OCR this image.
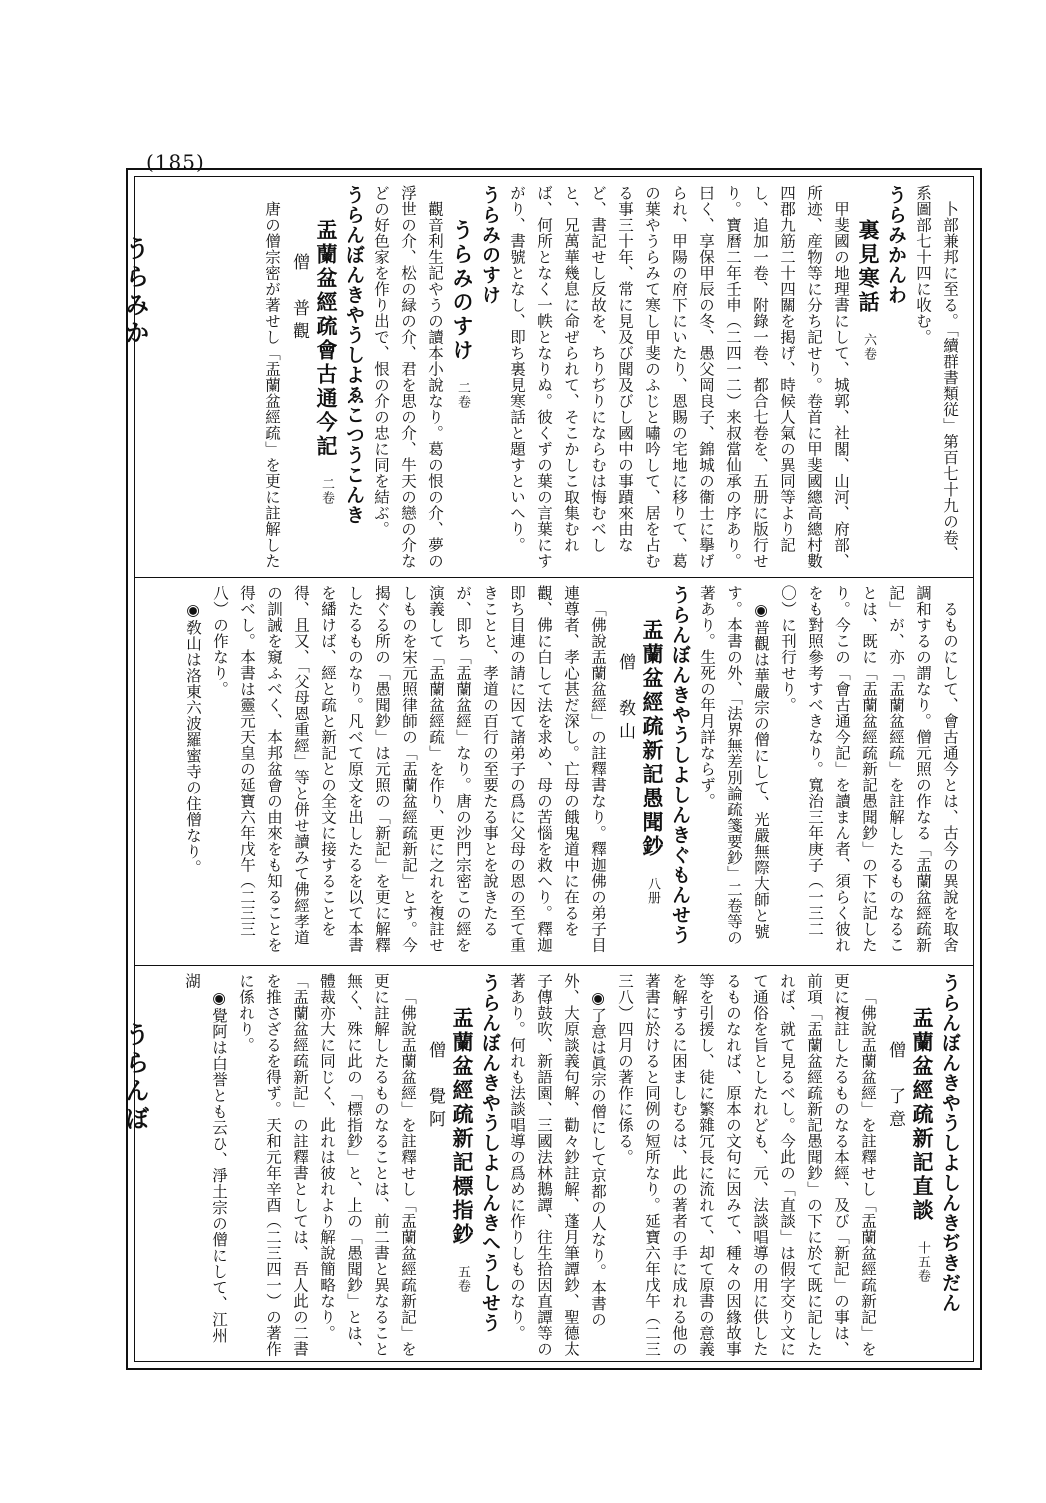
(185)
うらみか
うらんぼ

卜部兼邦に至る。「續群書類従」第百七十九の卷、系圖部七十四に收む。

うらみかんわ

裏見寒話六卷

甲斐國の地理書にして、城郭、社閣、山河、府部、所迹、産物等に分ち記せり。卷首に甲斐國總高總村數四郡九筋二十四關を掲げ、時候人氣の異同等より記し、追加一卷、附錄一卷、都合七卷を、五册に版行せり。寶曆二年壬申（二四一二）来叔當仙承の序あり。曰く、享保甲辰の冬、愚父岡良子、錦城の衞士に擧げられ、甲陽の府下にいたり、恩賜の宅地に移りて、葛の葉やうらみて寒し甲斐のふじと嘯吟して、居を占むる事三十年、常に見及び聞及びし國中の事蹟來由など、書記せし反故を、ちりぢりにならむは悔むべしと、兄萬華幾息に命ぜられて、そこかしこ取集むれば、何所となく一帙となりぬ。彼くずの葉の言葉にすがり、書號となし、即ち裏見寒話と題すといへり。

うらみのすけ

うらみのすけ二卷

觀音利生記やうの讀本小說なり。葛の恨の介、夢の浮世の介、松の緑の介、君を思の介、牛天の戀の介などの好色家を作り出で、恨の介の忠に同を結ぶ。

うらんぼんきやうしよゑこつうこんき

盂蘭盆經疏會古通今記二卷

僧　普觀

唐の僧宗密が著せし「盂蘭盆經疏」を更に註解した

るものにして、會古通今とは、古今の異說を取舍調和するの謂なり。僧元照の作なる「盂蘭盆經疏新記」が、亦「盂蘭盆經疏」を註解したるものなることは、既に「盂蘭盆經疏新記愚聞鈔」の下に記したり。今この「會古通今記」を讀まん者、須らく彼れをも對照參考すべきなり。寬治三年庚子（一三二〇）に刊行せり。

◉普觀は華嚴宗の僧にして、光嚴無際大師と號す。本書の外、「法界無差別論疏箋要鈔」二卷等の著あり。生死の年月詳ならず。

うらんぼんきやうしよしんきぐもんせう

盂蘭盆經疏新記愚聞鈔八册

僧　敎山

「佛說盂蘭盆經」の註釋書なり。釋迦佛の弟子目連尊者、孝心甚だ深し。亡母の餓鬼道中に在るを觀、佛に白して法を求め、母の苦惱を救へり。釋迦即ち目連の請に因て諸弟子の爲に父母の恩の至て重きことと、孝道の百行の至要たる事とを說きたるが、即ち「盂蘭盆經」なり。唐の沙門宗密この經を演義して「盂蘭盆經疏」を作り、更に之れを複註せしものを宋元照律師の「盂蘭盆經疏新記」とす。今揭ぐる所の「愚聞鈔」は元照の「新記」を更に解釋したるものなり。凡べて原文を出したるを以て本書を繙けば、經と疏と新記との全文に接することを得、且又、「父母恩重經」等と併せ讀みて佛經孝道の訓誡を窺ふべく、本邦盆會の由來をも知ることを得べし。本書は靈元天皇の延寶六年戊午（二三三八）の作なり。

◉敎山は洛東六波羅蜜寺の住僧なり。

うらんぼんきやうしよしんきぢきだん

盂蘭盆經疏新記直談十五卷

僧　了意

「佛說盂蘭盆經」を註釋せし「盂蘭盆經疏新記」を更に複註したるものなる本經、及び「新記」の事は、前項「盂蘭盆經疏新記愚聞鈔」の下に於て既に記したれば、就て見るべし。今此の「直談」は假字交り文にて通俗を旨としたれども、元、法談唱導の用に供したるものなれば、原本の文句に因みて、種々の因緣故事等を引援し、徒に繁雜冗長に流れて、却て原書の意義を解するに困ましむるは、此の著者の手に成れる他の著書に於けると同例の短所なり。延寶六年戊午（二三三八）四月の著作に係る。

◉了意は眞宗の僧にして京都の人なり。本書の外、大原談義句解、勸々鈔註解、蓬月筆譚鈔、聖德太子傳鼓吹、新語園、三國法林鵝譚、往生拾因直譚等の著あり。何れも法談唱導の爲めに作りしものなり。

うらんぼんきやうしよしんきへうしせう

盂蘭盆經疏新記標指鈔五卷

僧　覺阿

「佛說盂蘭盆經」を註釋せし「盂蘭盆經疏新記」を更に註解したるものなることは、前二書と異なること無く、殊に此の「標指鈔」と、上の「愚聞鈔」とは、體裁亦大に同じく、此れは彼れより解說簡略なり。「盂蘭盆經疏新記」の註釋書としては、吾人此の二書を推さざるを得ず。天和元年辛酉（二三四一）の著作に係れり。

◉覺阿は白誉とも云ひ、淨土宗の僧にして、江州湖
